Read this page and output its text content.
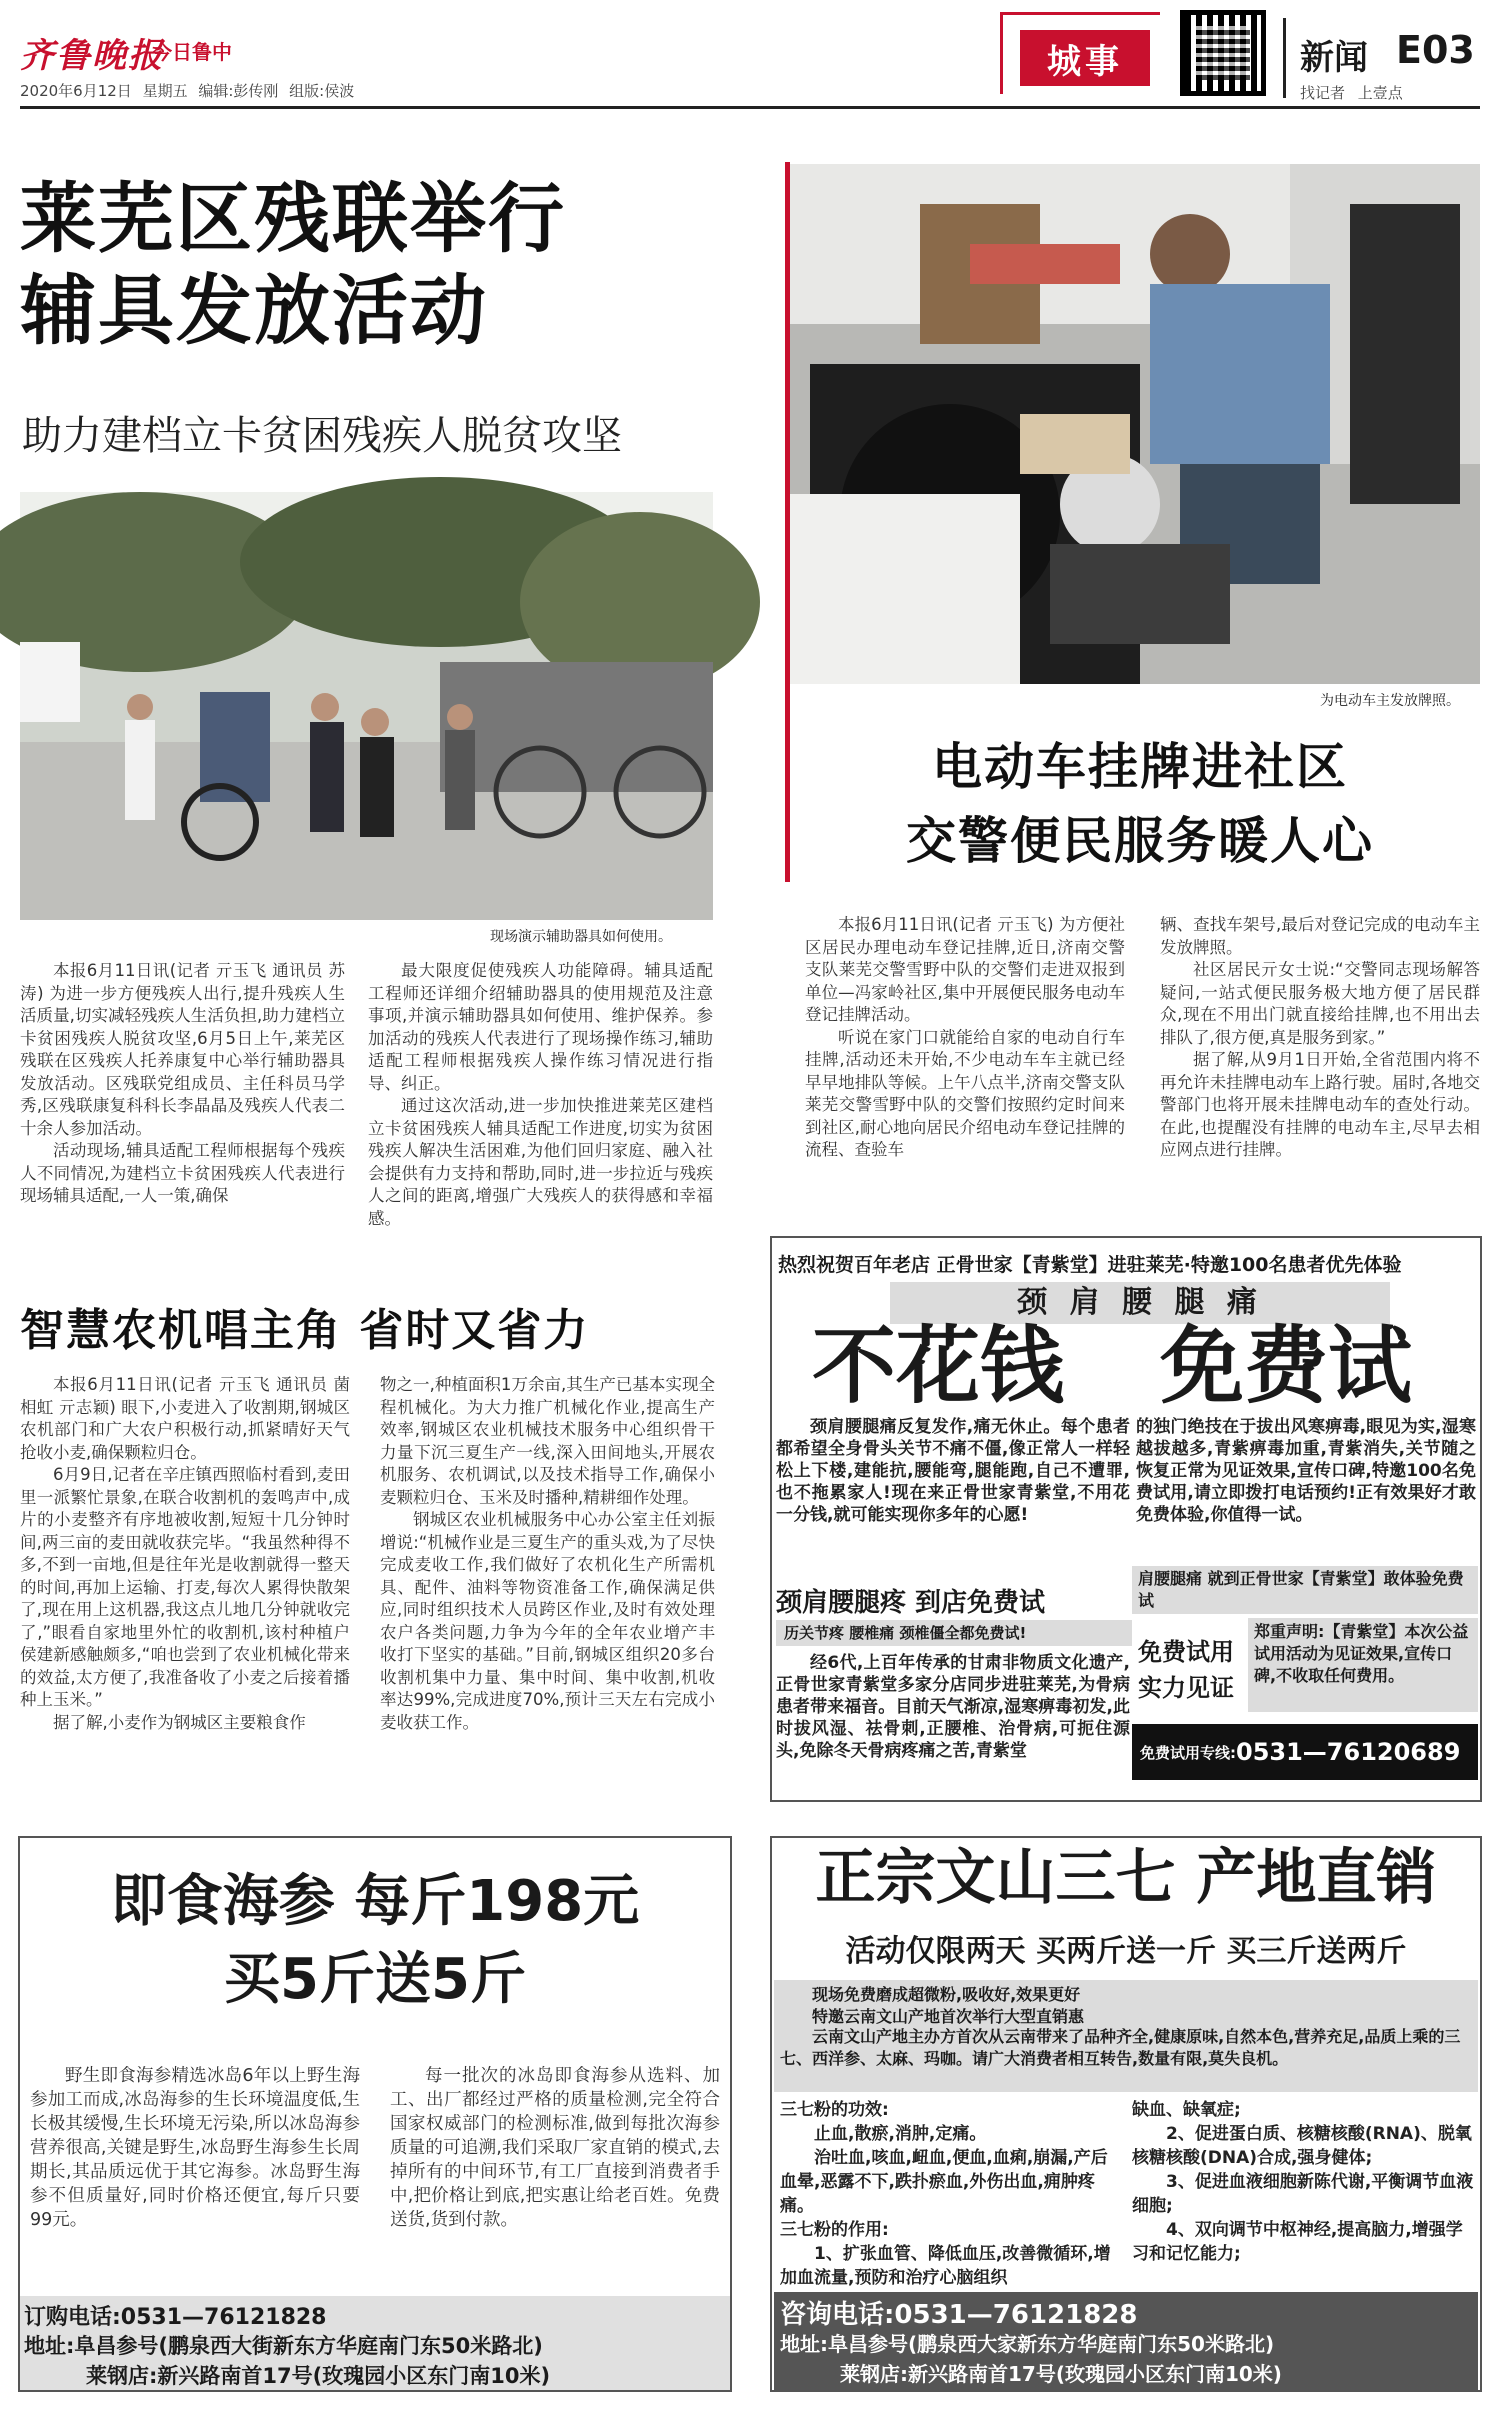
齐鲁晚报
今日鲁中
2020年6月12日 星期五 编辑:彭传刚 组版:侯波
城事	新闻 E03
找记者 上壹点
莱芜区残联举行
辅具发放活动
助力建档立卡贫困残疾人脱贫攻坚
现场演示辅助器具如何使用。

本报6月11日讯(记者 亓玉飞 通讯员 苏涛) 为进一步方便残疾人出行,提升残疾人生活质量,切实减轻残疾人生活负担,助力建档立卡贫困残疾人脱贫攻坚,6月5日上午,莱芜区残联在区残疾人托养康复中心举行辅助器具发放活动。区残联党组成员、主任科员马学秀,区残联康复科科长李晶晶及残疾人代表二十余人参加活动。

活动现场,辅具适配工程师根据每个残疾人不同情况,为建档立卡贫困残疾人代表进行现场辅具适配,一人一策,确保

最大限度促使残疾人功能障碍。辅具适配工程师还详细介绍辅助器具的使用规范及注意事项,并演示辅助器具如何使用、维护保养。参加活动的残疾人代表进行了现场操作练习,辅助适配工程师根据残疾人操作练习情况进行指导、纠正。

通过这次活动,进一步加快推进莱芜区建档立卡贫困残疾人辅具适配工作进度,切实为贫困残疾人解决生活困难,为他们回归家庭、融入社会提供有力支持和帮助,同时,进一步拉近与残疾人之间的距离,增强广大残疾人的获得感和幸福感。

为电动车主发放牌照。
电动车挂牌进社区
交警便民服务暖人心

本报6月11日讯(记者 亓玉飞) 为方便社区居民办理电动车登记挂牌,近日,济南交警支队莱芜交警雪野中队的交警们走进双报到单位—冯家岭社区,集中开展便民服务电动车登记挂牌活动。

听说在家门口就能给自家的电动自行车挂牌,活动还未开始,不少电动车车主就已经早早地排队等候。上午八点半,济南交警支队莱芜交警雪野中队的交警们按照约定时间来到社区,耐心地向居民介绍电动车登记挂牌的流程、查验车

辆、查找车架号,最后对登记完成的电动车主发放牌照。

社区居民亓女士说:“交警同志现场解答疑问,一站式便民服务极大地方便了居民群众,现在不用出门就直接给挂牌,也不用出去排队了,很方便,真是服务到家。”

据了解,从9月1日开始,全省范围内将不再允许未挂牌电动车上路行驶。届时,各地交警部门也将开展未挂牌电动车的查处行动。在此,也提醒没有挂牌的电动车主,尽早去相应网点进行挂牌。

智慧农机唱主角 省时又省力

本报6月11日讯(记者 亓玉飞 通讯员 菌相虹 亓志颖) 眼下,小麦进入了收割期,钢城区农机部门和广大农户积极行动,抓紧晴好天气抢收小麦,确保颗粒归仓。

6月9日,记者在辛庄镇西照临村看到,麦田里一派繁忙景象,在联合收割机的轰鸣声中,成片的小麦整齐有序地被收割,短短十几分钟时间,两三亩的麦田就收获完毕。“我虽然种得不多,不到一亩地,但是往年光是收割就得一整天的时间,再加上运输、打麦,每次人累得快散架了,现在用上这机器,我这点儿地几分钟就收完了,”眼看自家地里外忙的收割机,该村种植户侯建新感触颇多,“咱也尝到了农业机械化带来的效益,太方便了,我准备收了小麦之后接着播种上玉米。”

据了解,小麦作为钢城区主要粮食作

物之一,种植面积1万余亩,其生产已基本实现全程机械化。为大力推广机械化作业,提高生产效率,钢城区农业机械技术服务中心组织骨干力量下沉三夏生产一线,深入田间地头,开展农机服务、农机调试,以及技术指导工作,确保小麦颗粒归仓、玉米及时播种,精耕细作处理。

钢城区农业机械服务中心办公室主任刘振增说:“机械作业是三夏生产的重头戏,为了尽快完成麦收工作,我们做好了农机化生产所需机具、配件、油料等物资准备工作,确保满足供应,同时组织技术人员跨区作业,及时有效处理农户各类问题,力争为今年的全年农业增产丰收打下坚实的基础。”目前,钢城区组织20多台收割机集中力量、集中时间、集中收割,机收率达99%,完成进度70%,预计三天左右完成小麦收获工作。

热烈祝贺百年老店 正骨世家【青紫堂】进驻莱芜·特邀100名患者优先体验
颈 肩 腰 腿 痛
不花钱 免费试

颈肩腰腿痛反复发作,痛无休止。每个患者都希望全身骨头关节不痛不僵,像正常人一样轻松上下楼,建能抗,腰能弯,腿能跑,自己不遭罪,也不拖累家人!现在来正骨世家青紫堂,不用花一分钱,就可能实现你多年的心愿!

颈肩腰腿疼 到店免费试
历关节疼 腰椎痛 颈椎僵全都免费试!

经6代,上百年传承的甘肃非物质文化遗产,正骨世家青紫堂多家分店同步进驻莱芜,为骨病患者带来福音。目前天气渐凉,湿寒痹毒初发,此时拔风湿、祛骨刺,正腰椎、治骨病,可扼住源头,免除冬天骨病疼痛之苦,青紫堂

的独门绝技在于拔出风寒痹毒,眼见为实,湿寒越拔越多,青紫痹毒加重,青紫消失,关节随之恢复正常为见证效果,宣传口碑,特邀100名免费试用,请立即拨打电话预约!正有效果好才敢免费体验,你值得一试。

肩腰腿痛 就到正骨世家【青紫堂】敢体验免费试
免费试用
实力见证
郑重声明:【青紫堂】本次公益试用活动为见证效果,宣传口碑,不收取任何费用。
免费试用专线: 0531—76120689
即食海参 每斤198元
买5斤送5斤

野生即食海参精选冰岛6年以上野生海参加工而成,冰岛海参的生长环境温度低,生长极其缓慢,生长环境无污染,所以冰岛海参营养很高,关键是野生,冰岛野生海参生长周期长,其品质远优于其它海参。冰岛野生海参不但质量好,同时价格还便宜,每斤只要99元。

每一批次的冰岛即食海参从选料、加工、出厂都经过严格的质量检测,完全符合国家权威部门的检测标准,做到每批次海参质量的可追溯,我们采取厂家直销的模式,去掉所有的中间环节,有工厂直接到消费者手中,把价格让到底,把实惠让给老百姓。免费送货,货到付款。

订购电话:0531—76121828
地址:阜昌参号(鹏泉西大街新东方华庭南门东50米路北)
莱钢店:新兴路南首17号(玫瑰园小区东门南10米)
正宗文山三七 产地直销
活动仅限两天 买两斤送一斤 买三斤送两斤
现场免费磨成超微粉,吸收好,效果更好
特邀云南文山产地首次举行大型直销惠
云南文山产地主办方首次从云南带来了品种齐全,健康原味,自然本色,营养充足,品质上乘的三七、西洋参、太麻、玛咖。请广大消费者相互转告,数量有限,莫失良机。
三七粉的功效:
止血,散瘀,消肿,定痛。
治吐血,咳血,衄血,便血,血痢,崩漏,产后血晕,恶露不下,跌扑瘀血,外伤出血,痈肿疼痛。
三七粉的作用:
1、扩张血管、降低血压,改善微循环,增加血流量,预防和治疗心脑组织
缺血、缺氧症;
2、促进蛋白质、核糖核酸(RNA)、脱氧核糖核酸(DNA)合成,强身健体;
3、促进血液细胞新陈代谢,平衡调节血液细胞;
4、双向调节中枢神经,提高脑力,增强学习和记忆能力;
咨询电话:0531—76121828
地址:阜昌参号(鹏泉西大家新东方华庭南门东50米路北)
莱钢店:新兴路南首17号(玫瑰园小区东门南10米)
